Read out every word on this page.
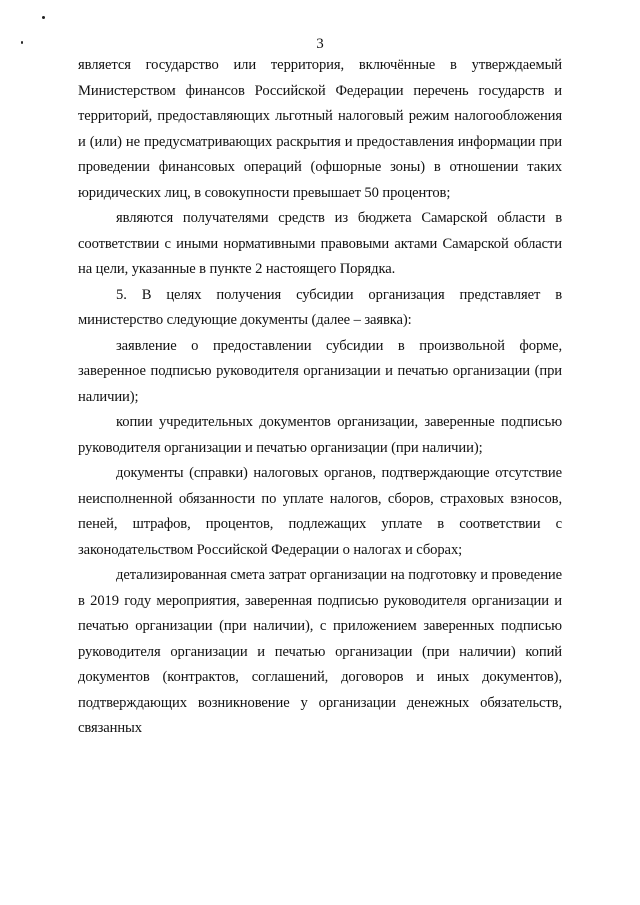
3

является государство или территория, включённые в утверждаемый Министерством финансов Российской Федерации перечень государств и территорий, предоставляющих льготный налоговый режим налогообложения и (или) не предусматривающих раскрытия и предоставления информации при проведении финансовых операций (офшорные зоны) в отношении таких юридических лиц, в совокупности превышает 50 процентов;

являются получателями средств из бюджета Самарской области в соответствии с иными нормативными правовыми актами Самарской области на цели, указанные в пункте 2 настоящего Порядка.

5. В целях получения субсидии организация представляет в министерство следующие документы (далее – заявка):

заявление о предоставлении субсидии в произвольной форме, заверенное подписью руководителя организации и печатью организации (при наличии);

копии учредительных документов организации, заверенные подписью руководителя организации и печатью организации (при наличии);

документы (справки) налоговых органов, подтверждающие отсутствие неисполненной обязанности по уплате налогов, сборов, страховых взносов, пеней, штрафов, процентов, подлежащих уплате в соответствии с законодательством Российской Федерации о налогах и сборах;

детализированная смета затрат организации на подготовку и проведение в 2019 году мероприятия, заверенная подписью руководителя организации и печатью организации (при наличии), с приложением заверенных подписью руководителя организации и печатью организации (при наличии) копий документов (контрактов, соглашений, договоров и иных документов), подтверждающих возникновение у организации денежных обязательств, связанных
